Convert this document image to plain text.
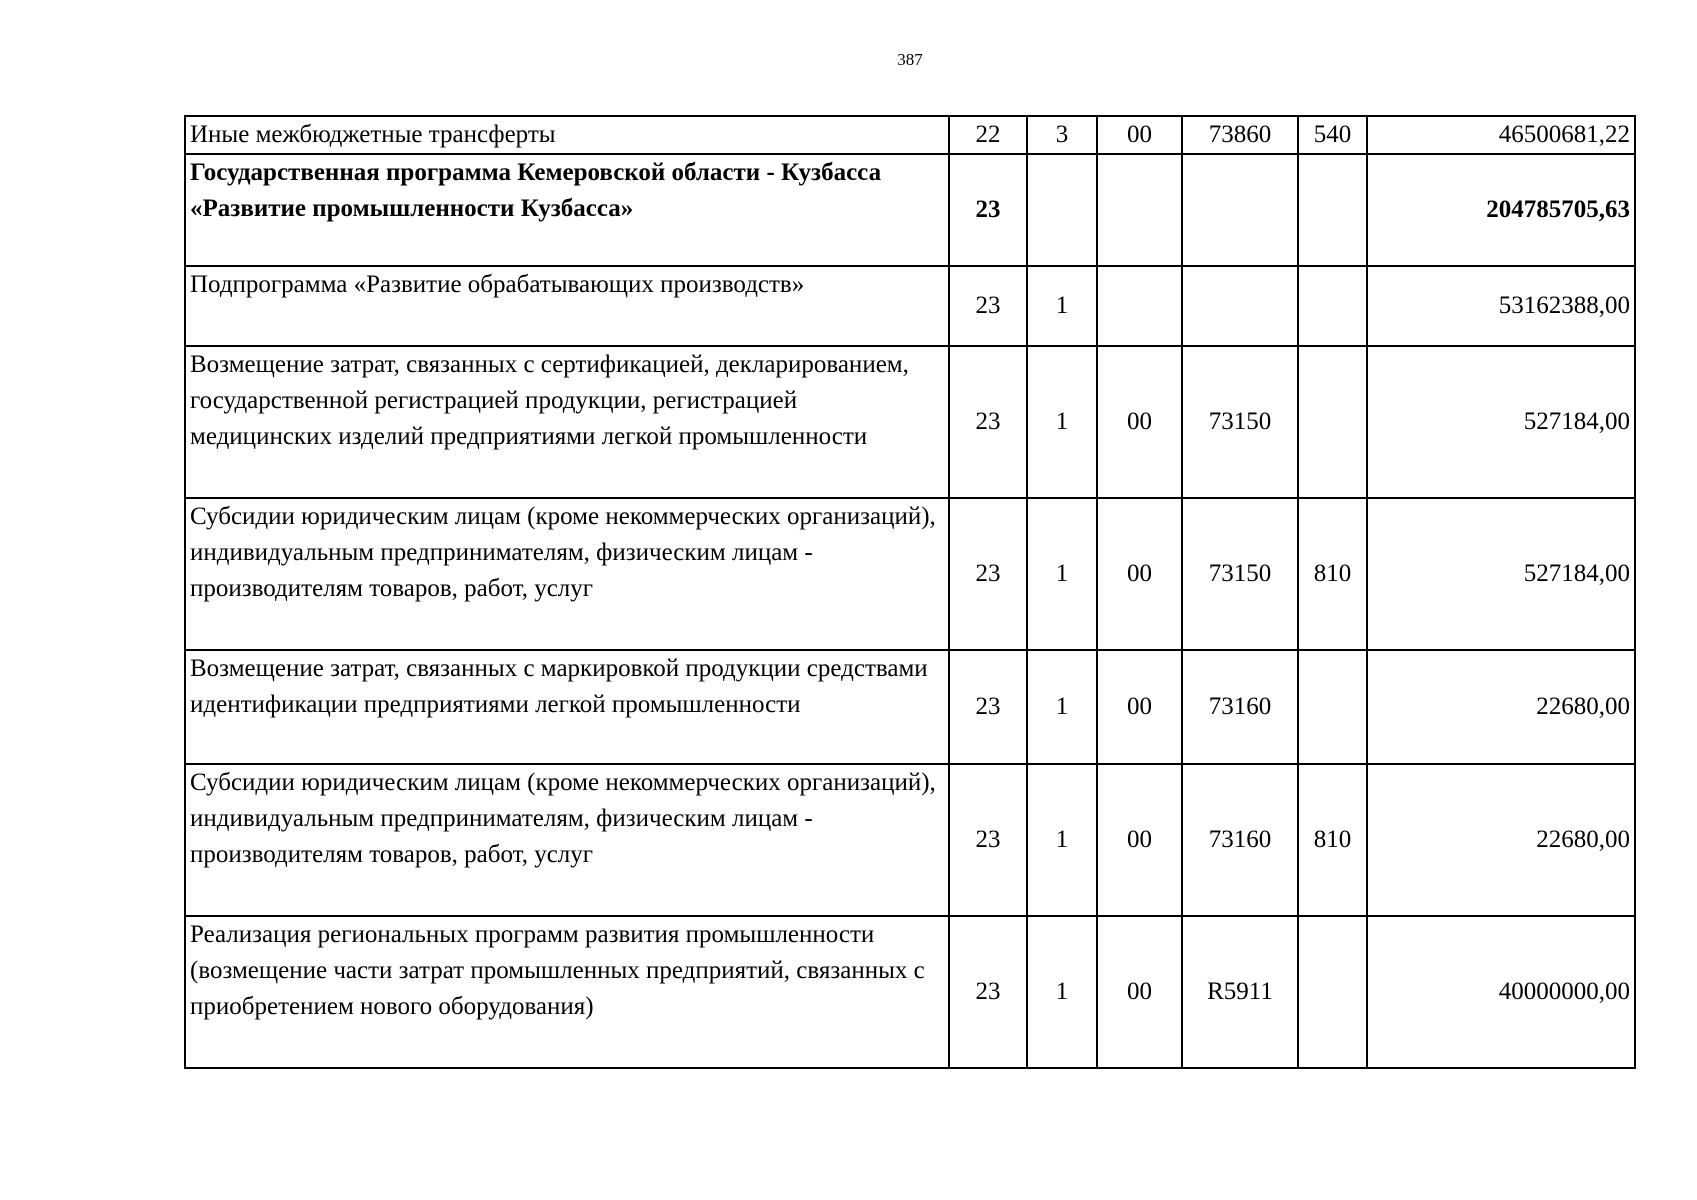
387
Иные межбюджетные трансферты	22	3	00	73860	540	46500681,22
Государственная программа Кемеровской области - Кузбасса «Развитие промышленности Кузбасса»	23					204785705,63
Подпрограмма «Развитие обрабатывающих производств»	23	1				53162388,00
Возмещение затрат, связанных с сертификацией, декларированием, государственной регистрацией продукции, регистрацией медицинских изделий предприятиями легкой промышленности	23	1	00	73150		527184,00
Субсидии юридическим лицам (кроме некоммерческих организаций), индивидуальным предпринимателям, физическим лицам - производителям товаров, работ, услуг	23	1	00	73150	810	527184,00
Возмещение затрат, связанных с маркировкой продукции средствами идентификации предприятиями легкой промышленности	23	1	00	73160		22680,00
Субсидии юридическим лицам (кроме некоммерческих организаций), индивидуальным предпринимателям, физическим лицам - производителям товаров, работ, услуг	23	1	00	73160	810	22680,00
Реализация региональных программ развития промышленности (возмещение части затрат промышленных предприятий, связанных с приобретением нового оборудования)	23	1	00	R5911		40000000,00
